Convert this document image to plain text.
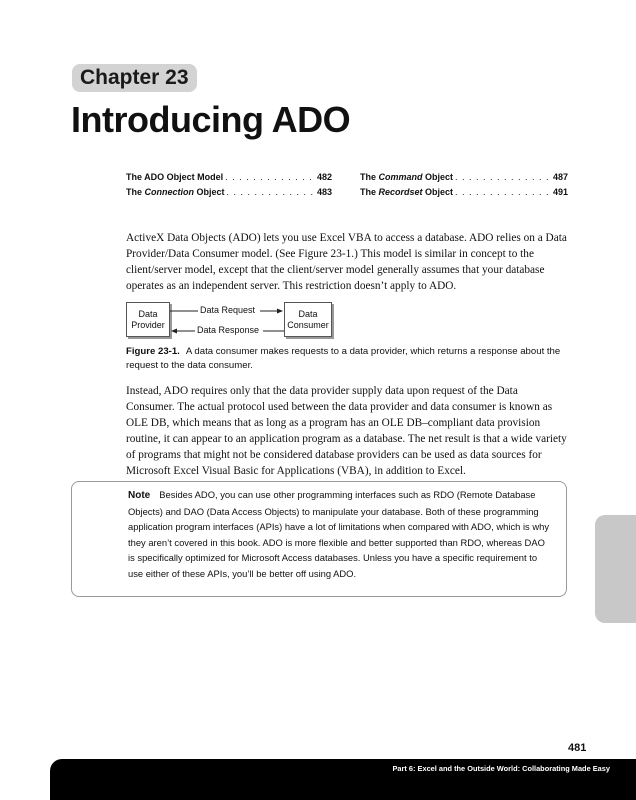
Chapter 23
Introducing ADO
The ADO Object Model . . .	482
The Connection Object . . .	483
The Command Object . . .	487
The Recordset Object . . .	491

ActiveX Data Objects (ADO) lets you use Excel VBA to access a database. ADO relies on a Data Provider/Data Consumer model. (See Figure 23-1.) This model is similar in concept to the client/server model, except that the client/server model generally assumes that your database operates as an independent server. This restriction doesn’t apply to ADO.

Data
Provider
Data
Consumer
Data Request
Data Response

Figure 23-1. A data consumer makes requests to a data provider, which returns a response about the request to the data consumer.

Instead, ADO requires only that the data provider supply data upon request of the Data Consumer. The actual protocol used between the data provider and data consumer is known as OLE DB, which means that as long as a program has an OLE DB–compliant data provision routine, it can appear to an application program as a database. The net result is that a wide variety of programs that might not be considered database providers can be used as data sources for Microsoft Excel Visual Basic for Applications (VBA), in addition to Excel.

Note Besides ADO, you can use other programming interfaces such as RDO (Remote Database Objects) and DAO (Data Access Objects) to manipulate your database. Both of these programming application program interfaces (APIs) have a lot of limitations when compared with ADO, which is why they aren’t covered in this book. ADO is more flexible and better supported than RDO, whereas DAO is specifically optimized for Microsoft Access databases. Unless you have a specific requirement to use either of these APIs, you’ll be better off using ADO.

481
Part 6: Excel and the Outside World: Collaborating Made Easy
